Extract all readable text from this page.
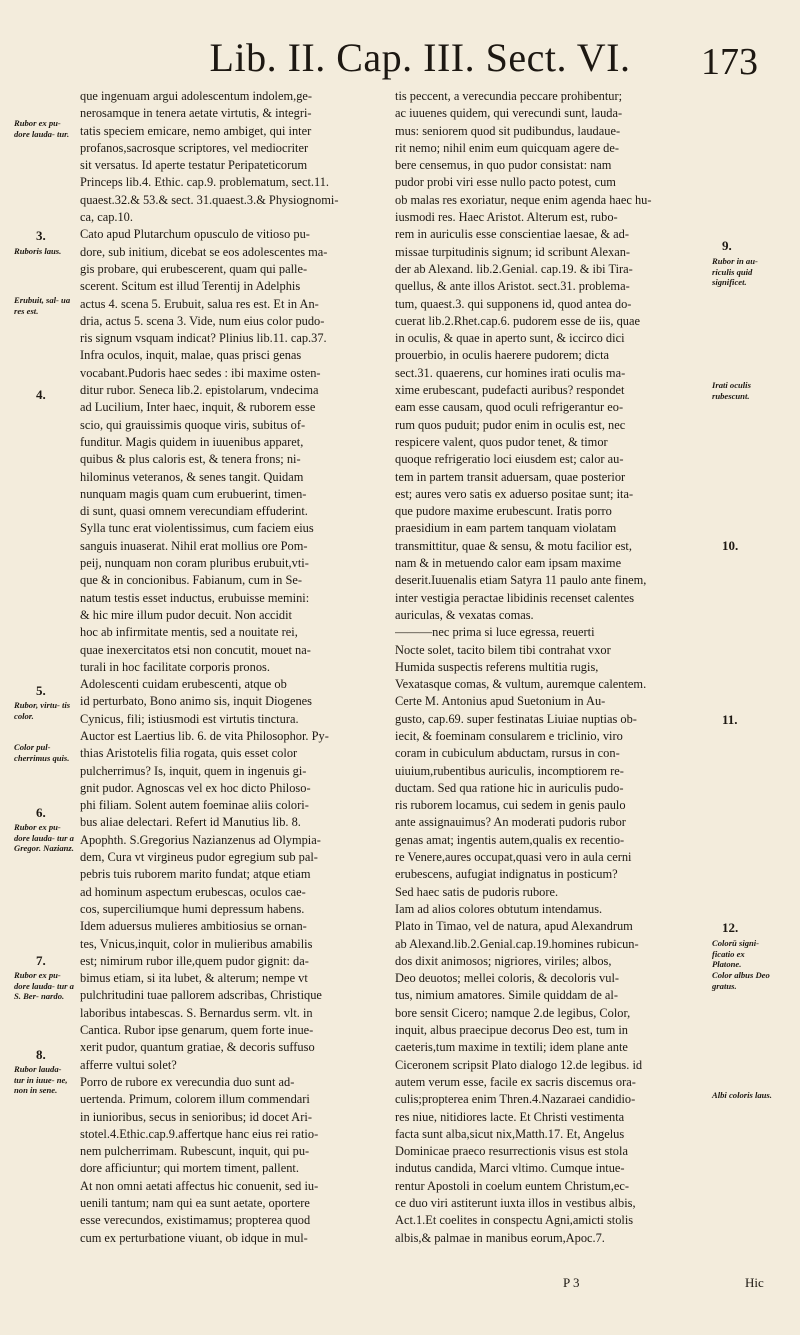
Lib. II. Cap. III. Sect. VI.	173
que ingenuam argui adolescentum indolem,ge-
nerosamque in tenera aetate virtutis, & integri-
tatis speciem emicare, nemo ambiget, qui inter
profanos,sacrosque scriptores, vel mediocriter
sit versatus. Id aperte testatur Peripateticorum
Princeps lib.4. Ethic. cap.9. problematum, sect.11.
quaest.32.& 53.& sect. 31.quaest.3.& Physiognomi-
ca, cap.10.
Cato apud Plutarchum opusculo de vitioso pu-
dore, sub initium, dicebat se eos adolescentes ma-
gis probare, qui erubescerent, quam qui palle-
scerent. Scitum est illud Terentij in Adelphis
actus 4. scena 5. Erubuit, salua res est. Et in An-
dria, actus 5. scena 3. Vide, num eius color pudo-
ris signum vsquam indicat? Plinius lib.11. cap.37.
Infra oculos, inquit, malae, quas prisci genas
vocabant.Pudoris haec sedes : ibi maxime osten-
ditur rubor. Seneca lib.2. epistolarum, vndecima
ad Lucilium, Inter haec, inquit, & ruborem esse
scio, qui grauissimis quoque viris, subitus of-
funditur. Magis quidem in iuuenibus apparet,
quibus & plus caloris est, & tenera frons; ni-
hilominus veteranos, & senes tangit. Quidam
nunquam magis quam cum erubuerint, timen-
di sunt, quasi omnem verecundiam effuderint.
Sylla tunc erat violentissimus, cum faciem eius
sanguis inuaserat. Nihil erat mollius ore Pom-
peij, nunquam non coram pluribus erubuit,vti-
que & in concionibus. Fabianum, cum in Se-
natum testis esset inductus, erubuisse memini:
& hic mire illum pudor decuit. Non accidit
hoc ab infirmitate mentis, sed a nouitate rei,
quae inexercitatos etsi non concutit, mouet na-
turali in hoc facilitate corporis pronos.
Adolescenti cuidam erubescenti, atque ob
id perturbato, Bono animo sis, inquit Diogenes
Cynicus, fili; istiusmodi est virtutis tinctura.
Auctor est Laertius lib. 6. de vita Philosophor. Py-
thias Aristotelis filia rogata, quis esset color
pulcherrimus? Is, inquit, quem in ingenuis gi-
gnit pudor. Agnoscas vel ex hoc dicto Philoso-
phi filiam. Solent autem foeminae aliis colori-
bus aliae delectari. Refert id Manutius lib. 8.
Apophth. S.Gregorius Nazianzenus ad Olympia-
dem, Cura vt virgineus pudor egregium sub pal-
pebris tuis ruborem marito fundat; atque etiam
ad hominum aspectum erubescas, oculos cae-
cos, superciliumque humi depressum habens.
Idem aduersus mulieres ambitiosius se ornan-
tes, Vnicus,inquit, color in mulieribus amabilis
est; nimirum rubor ille,quem pudor gignit: da-
bimus etiam, si ita lubet, & alterum; nempe vt
pulchritudini tuae pallorem adscribas, Christique
laboribus intabescas. S. Bernardus serm. vlt. in
Cantica. Rubor ipse genarum, quem forte inue-
xerit pudor, quantum gratiae, & decoris suffuso
afferre vultui solet?
Porro de rubore ex verecundia duo sunt ad-
uertenda. Primum, colorem illum commendari
in iunioribus, secus in senioribus; id docet Ari-
stotel.4.Ethic.cap.9.affertque hanc eius rei ratio-
nem pulcherrimam. Rubescunt, inquit, qui pu-
dore afficiuntur; qui mortem timent, pallent.
At non omni aetati affectus hic conuenit, sed iu-
uenili tantum; nam qui ea sunt aetate, oportere
esse verecundos, existimamus; propterea quod
cum ex perturbatione viuant, ob idque in mul-
tis peccent, a verecundia peccare prohibentur;
ac iuuenes quidem, qui verecundi sunt, lauda-
mus: seniorem quod sit pudibundus, laudaue-
rit nemo; nihil enim eum quicquam agere de-
bere censemus, in quo pudor consistat: nam
pudor probi viri esse nullo pacto potest, cum
ob malas res exoriatur, neque enim agenda haec hu-
iusmodi res. Haec Aristot. Alterum est, rubo-
rem in auriculis esse conscientiae laesae, & ad-
missae turpitudinis signum; id scribunt Alexan-
der ab Alexand. lib.2.Genial. cap.19. & ibi Tira-
quellus, & ante illos Aristot. sect.31. problema-
tum, quaest.3. qui supponens id, quod antea do-
cuerat lib.2.Rhet.cap.6. pudorem esse de iis, quae
in oculis, & quae in aperto sunt, & iccirco dici
prouerbio, in oculis haerere pudorem; dicta
sect.31. quaerens, cur homines irati oculis ma-
xime erubescant, pudefacti auribus? respondet
eam esse causam, quod oculi refrigerantur eo-
rum quos puduit; pudor enim in oculis est, nec
respicere valent, quos pudor tenet, & timor
quoque refrigeratio loci eiusdem est; calor au-
tem in partem transit aduersam, quae posterior
est; aures vero satis ex aduerso positae sunt; ita-
que pudore maxime erubescunt. Iratis porro
praesidium in eam partem tanquam violatam
transmittitur, quae & sensu, & motu facilior est,
nam & in metuendo calor eam ipsam maxime
deserit.Iuuenalis etiam Satyra 11 paulo ante finem,
inter vestigia peractae libidinis recenset calentes
auriculas, & vexatas comas.
———nec prima si luce egressa, reuerti
Nocte solet, tacito bilem tibi contrahat vxor
Humida suspectis referens multitia rugis,
Vexatasque comas, & vultum, auremque calentem.
Certe M. Antonius apud Suetonium in Au-
gusto, cap.69. super festinatas Liuiae nuptias ob-
iecit, & foeminam consularem e triclinio, viro
coram in cubiculum abductam, rursus in con-
uiuium,rubentibus auriculis, incomptiorem re-
ductam. Sed qua ratione hic in auriculis pudo-
ris ruborem locamus, cui sedem in genis paulo
ante assignauimus? An moderati pudoris rubor
genas amat; ingentis autem,qualis ex recentio-
re Venere,aures occupat,quasi vero in aula cerni
erubescens, aufugiat indignatus in posticum?
Sed haec satis de pudoris rubore.
Iam ad alios colores obtutum intendamus.
Plato in Timao, vel de natura, apud Alexandrum
ab Alexand.lib.2.Genial.cap.19.homines rubicun-
dos dixit animosos; nigriores, viriles; albos,
Deo deuotos; mellei coloris, & decoloris vul-
tus, nimium amatores. Simile quiddam de al-
bore sensit Cicero; namque 2.de legibus, Color,
inquit, albus praecipue decorus Deo est, tum in
caeteris,tum maxime in textili; idem plane ante
Ciceronem scripsit Plato dialogo 12.de legibus. id
autem verum esse, facile ex sacris discemus ora-
culis;propterea enim Thren.4.Nazaraei candidio-
res niue, nitidiores lacte. Et Christi vestimenta
facta sunt alba,sicut nix,Matth.17. Et, Angelus
Dominicae praeco resurrectionis visus est stola
indutus candida, Marci vltimo. Cumque intue-
rentur Apostoli in coelum euntem Christum,ec-
ce duo viri astiterunt iuxta illos in vestibus albis,
Act.1.Et coelites in conspectu Agni,amicti stolis
albis,& palmae in manibus eorum,Apoc.7.
Rubor ex pu- dore lauda- tur.
3.
Ruboris laus.
Erubuit, sal- ua res est.
4.
5.
Rubor, virtu- tis color.
Color pul- cherrimus quis.
6.
Rubor ex pu- dore lauda- tur a Gregor. Nazianz.
7.
Rubor ex pu- dore lauda- tur a S. Ber- nardo.
8.
Rubor lauda- tur in iuue- ne, non in sene.
9.
Rubor in au- riculis quid significet.
Irati oculis rubescunt.
10.
11.
12.
Colorū signi- ficatio ex Platone.
Color albus Deo gratus.
Albi coloris laus.
P 3	Hic
